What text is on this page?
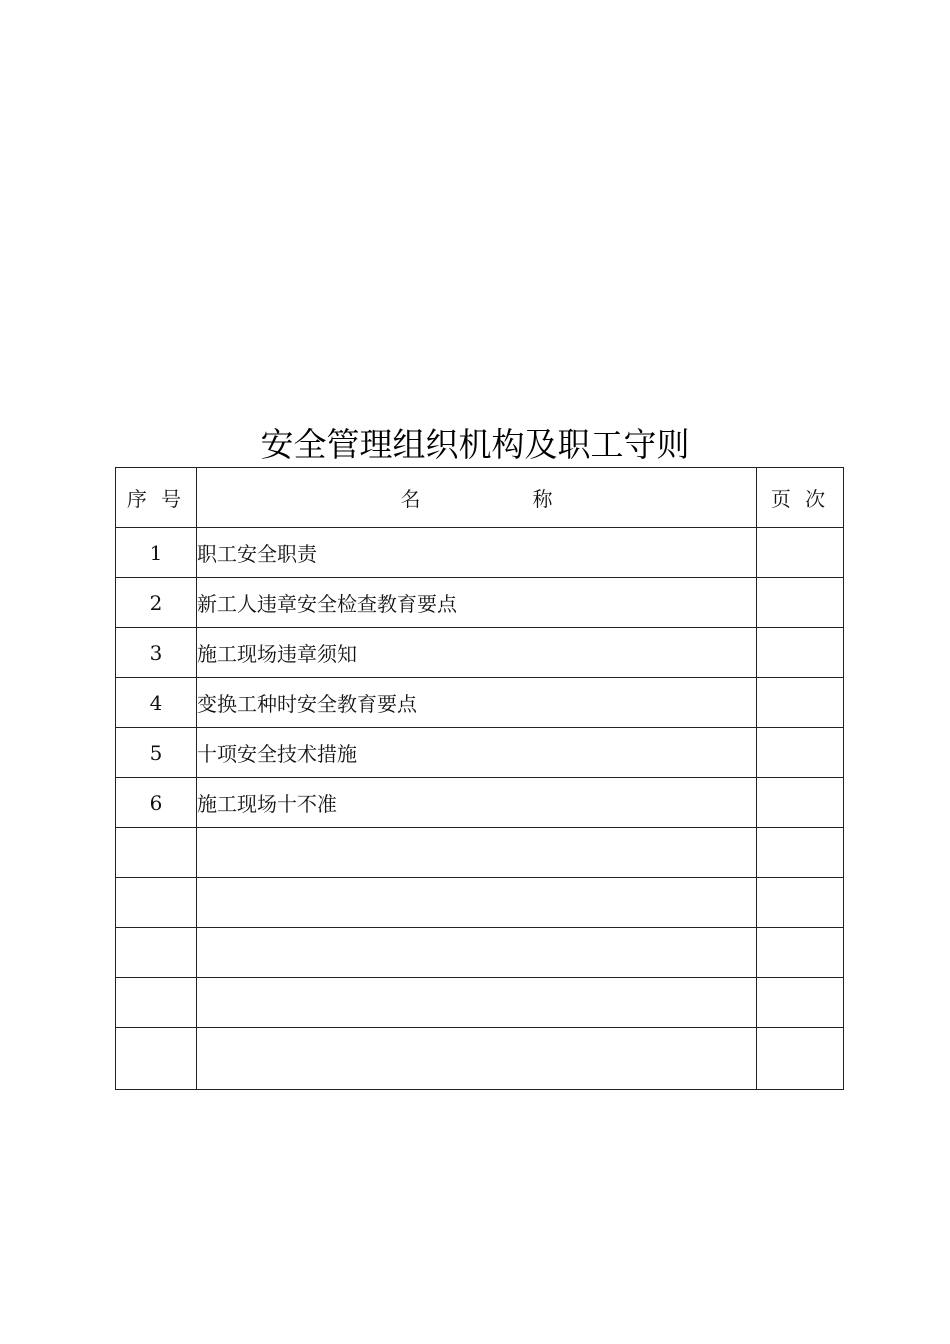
安全管理组织机构及职工守则
序 号	名 称	页 次
1	职工安全职责	
2	新工人违章安全检查教育要点	
3	施工现场违章须知	
4	变换工种时安全教育要点	
5	十项安全技术措施	
6	施工现场十不准	
